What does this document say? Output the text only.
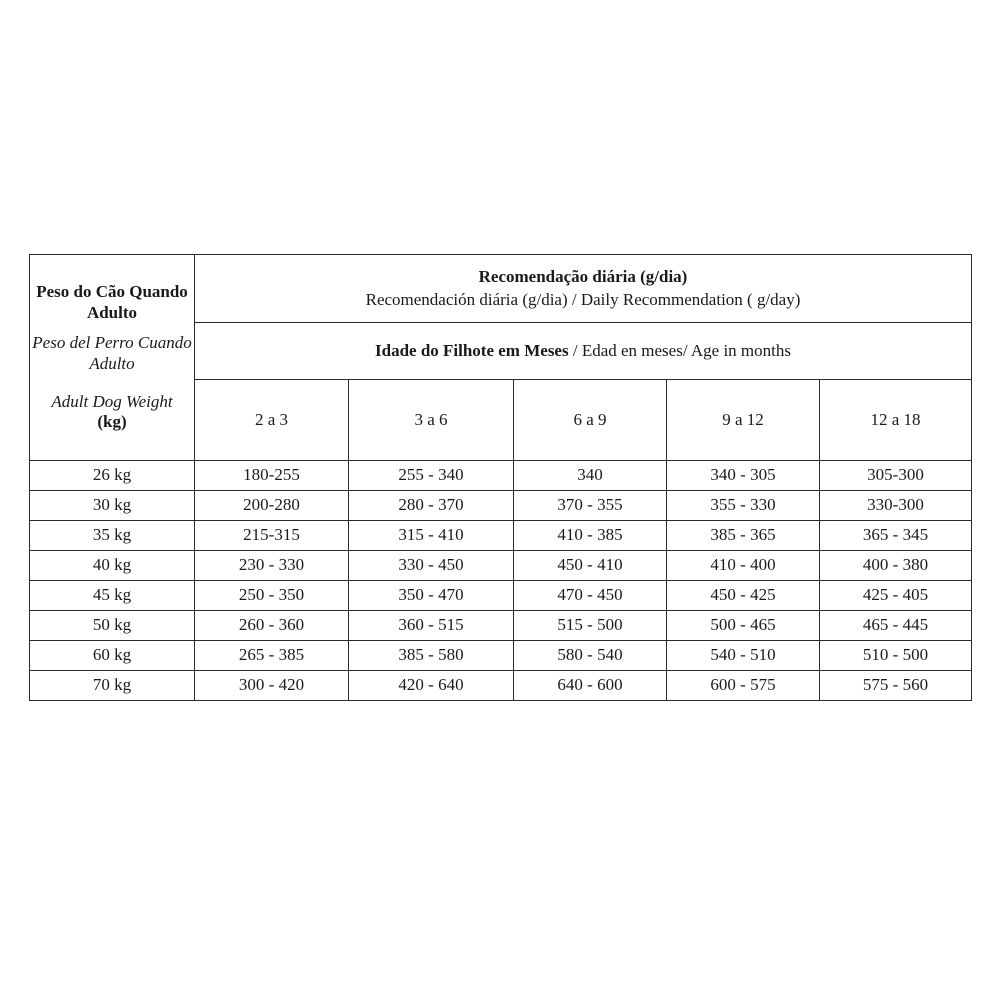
Peso do Cão Quando Adulto
Peso del Perro Cuando Adulto
Adult Dog Weight
(kg)	Recomendação diária (g/dia)
Recomendación diária (g/dia) / Daily Recommendation ( g/day)				

	Idade do Filhote em Meses / Edad en meses/ Age in months				
	2 a 3	3 a 6	6 a 9	9 a 12	12 a 18
26 kg	180-255	255 - 340	340	340 - 305	305-300
30 kg	200-280	280 - 370	370 - 355	355 - 330	330-300
35 kg	215-315	315 - 410	410 - 385	385 - 365	365 - 345
40 kg	230 - 330	330 - 450	450 - 410	410 - 400	400 - 380
45 kg	250 - 350	350 - 470	470 - 450	450 - 425	425 - 405
50 kg	260 - 360	360 - 515	515 - 500	500 - 465	465 - 445
60 kg	265 - 385	385 - 580	580 - 540	540 - 510	510 - 500
70 kg	300 - 420	420 - 640	640 - 600	600 - 575	575 - 560
